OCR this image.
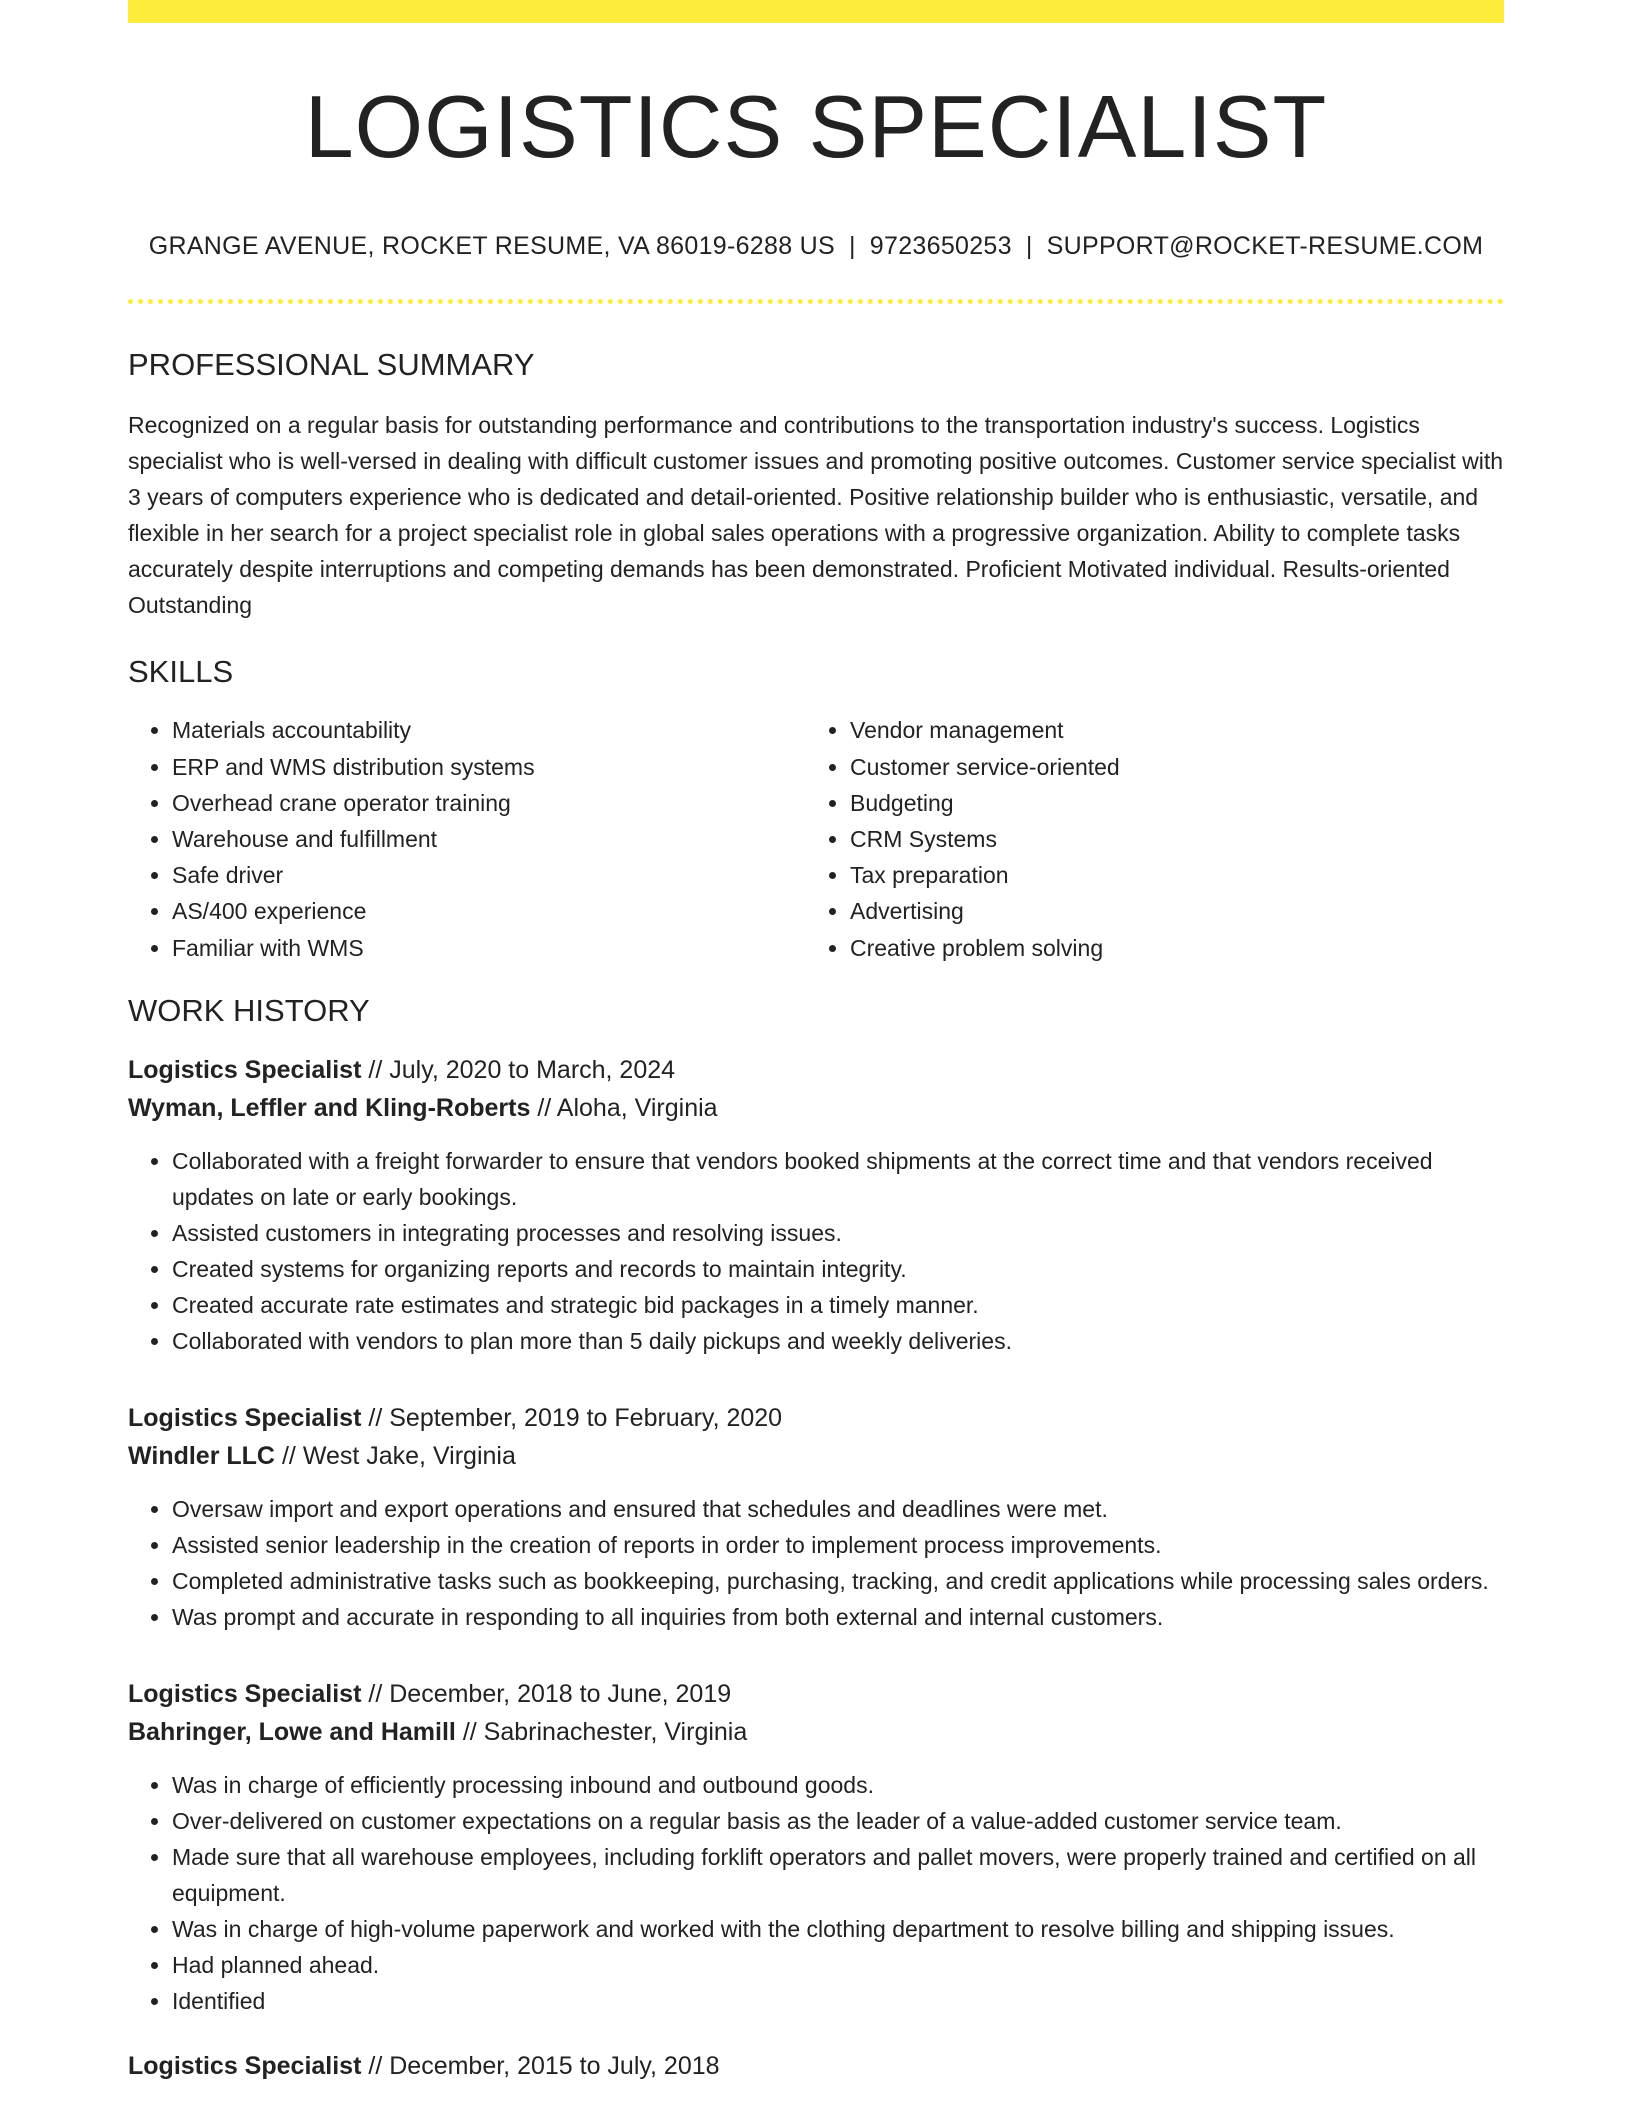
LOGISTICS SPECIALIST
GRANGE AVENUE, ROCKET RESUME, VA 86019-6288 US | 9723650253 | SUPPORT@ROCKET-RESUME.COM
PROFESSIONAL SUMMARY

Recognized on a regular basis for outstanding performance and contributions to the transportation industry's success. Logistics specialist who is well-versed in dealing with difficult customer issues and promoting positive outcomes. Customer service specialist with 3 years of computers experience who is dedicated and detail-oriented. Positive relationship builder who is enthusiastic, versatile, and flexible in her search for a project specialist role in global sales operations with a progressive organization. Ability to complete tasks accurately despite interruptions and competing demands has been demonstrated. Proficient Motivated individual. Results-oriented Outstanding

SKILLS
• Materials accountability
• ERP and WMS distribution systems
• Overhead crane operator training
• Warehouse and fulfillment
• Safe driver
• AS/400 experience
• Familiar with WMS
• Vendor management
• Customer service-oriented
• Budgeting
• CRM Systems
• Tax preparation
• Advertising
• Creative problem solving
WORK HISTORY
Logistics Specialist // July, 2020 to March, 2024
Wyman, Leffler and Kling-Roberts // Aloha, Virginia
• Collaborated with a freight forwarder to ensure that vendors booked shipments at the correct time and that vendors received updates on late or early bookings.
• Assisted customers in integrating processes and resolving issues.
• Created systems for organizing reports and records to maintain integrity.
• Created accurate rate estimates and strategic bid packages in a timely manner.
• Collaborated with vendors to plan more than 5 daily pickups and weekly deliveries.
Logistics Specialist // September, 2019 to February, 2020
Windler LLC // West Jake, Virginia
• Oversaw import and export operations and ensured that schedules and deadlines were met.
• Assisted senior leadership in the creation of reports in order to implement process improvements.
• Completed administrative tasks such as bookkeeping, purchasing, tracking, and credit applications while processing sales orders.
• Was prompt and accurate in responding to all inquiries from both external and internal customers.
Logistics Specialist // December, 2018 to June, 2019
Bahringer, Lowe and Hamill // Sabrinachester, Virginia
• Was in charge of efficiently processing inbound and outbound goods.
• Over-delivered on customer expectations on a regular basis as the leader of a value-added customer service team.
• Made sure that all warehouse employees, including forklift operators and pallet movers, were properly trained and certified on all equipment.
• Was in charge of high-volume paperwork and worked with the clothing department to resolve billing and shipping issues.
• Had planned ahead.
• Identified
Logistics Specialist // December, 2015 to July, 2018
